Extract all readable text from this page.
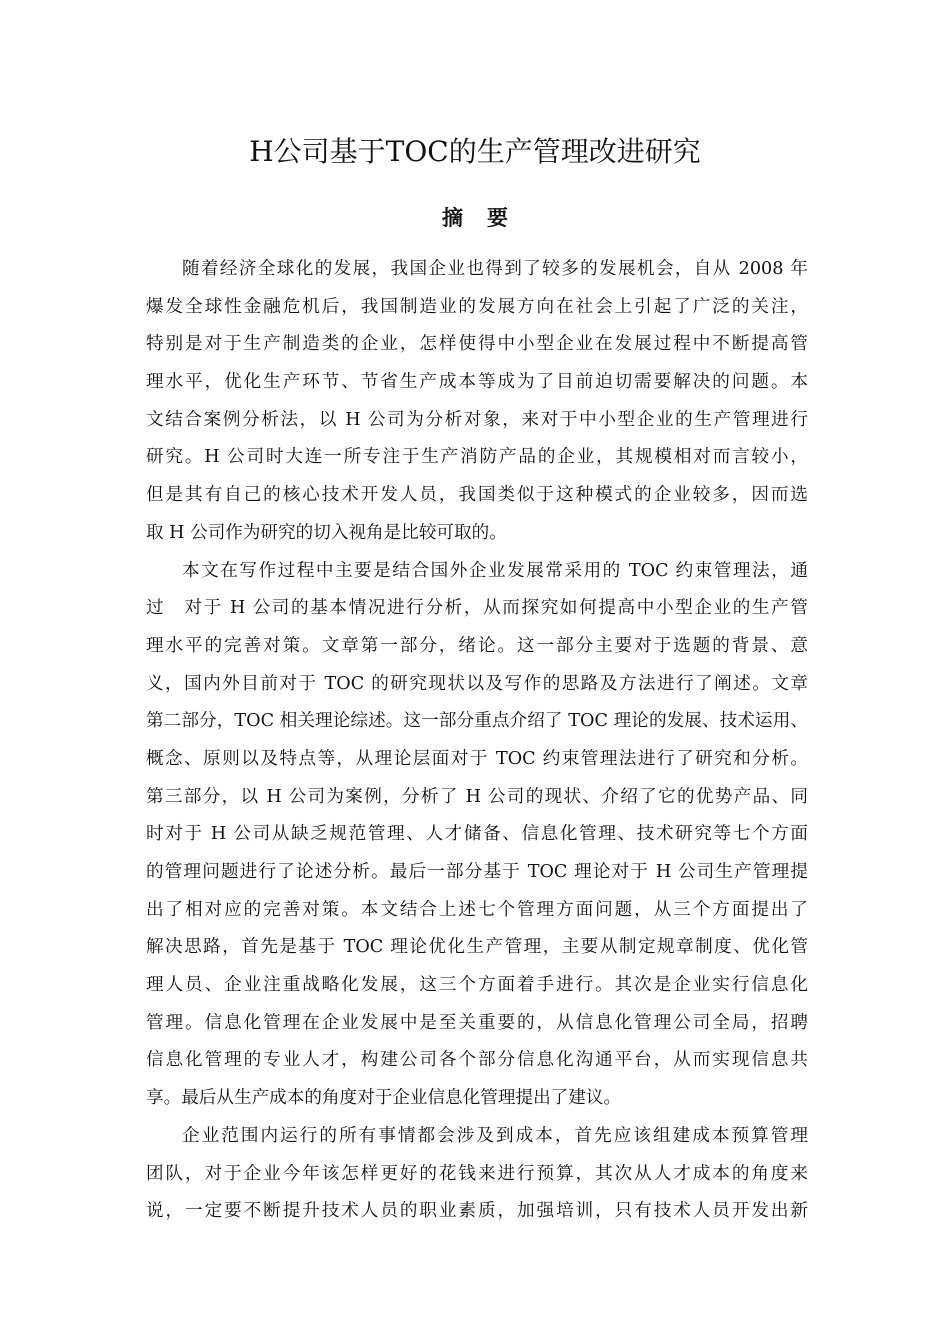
H公司基于TOC的生产管理改进研究
摘要
随着经济全球化的发展，我国企业也得到了较多的发展机会，自从 2008 年
爆发全球性金融危机后，我国制造业的发展方向在社会上引起了广泛的关注，
特别是对于生产制造类的企业，怎样使得中小型企业在发展过程中不断提高管
理水平，优化生产环节、节省生产成本等成为了目前迫切需要解决的问题。本
文结合案例分析法，以 H 公司为分析对象，来对于中小型企业的生产管理进行
研究。H 公司时大连一所专注于生产消防产品的企业，其规模相对而言较小，
但是其有自己的核心技术开发人员，我国类似于这种模式的企业较多，因而选
取 H 公司作为研究的切入视角是比较可取的。
本文在写作过程中主要是结合国外企业发展常采用的 TOC 约束管理法，通
过　对于 H 公司的基本情况进行分析，从而探究如何提高中小型企业的生产管
理水平的完善对策。文章第一部分，绪论。这一部分主要对于选题的背景、意
义，国内外目前对于 TOC 的研究现状以及写作的思路及方法进行了阐述。文章
第二部分，TOC 相关理论综述。这一部分重点介绍了 TOC 理论的发展、技术运用、
概念、原则以及特点等，从理论层面对于 TOC 约束管理法进行了研究和分析。
第三部分，以 H 公司为案例，分析了 H 公司的现状、介绍了它的优势产品、同
时对于 H 公司从缺乏规范管理、人才储备、信息化管理、技术研究等七个方面
的管理问题进行了论述分析。最后一部分基于 TOC 理论对于 H 公司生产管理提
出了相对应的完善对策。本文结合上述七个管理方面问题，从三个方面提出了
解决思路，首先是基于 TOC 理论优化生产管理，主要从制定规章制度、优化管
理人员、企业注重战略化发展，这三个方面着手进行。其次是企业实行信息化
管理。信息化管理在企业发展中是至关重要的，从信息化管理公司全局，招聘
信息化管理的专业人才，构建公司各个部分信息化沟通平台，从而实现信息共
享。最后从生产成本的角度对于企业信息化管理提出了建议。
企业范围内运行的所有事情都会涉及到成本，首先应该组建成本预算管理
团队，对于企业今年该怎样更好的花钱来进行预算，其次从人才成本的角度来
说，一定要不断提升技术人员的职业素质，加强培训，只有技术人员开发出新
